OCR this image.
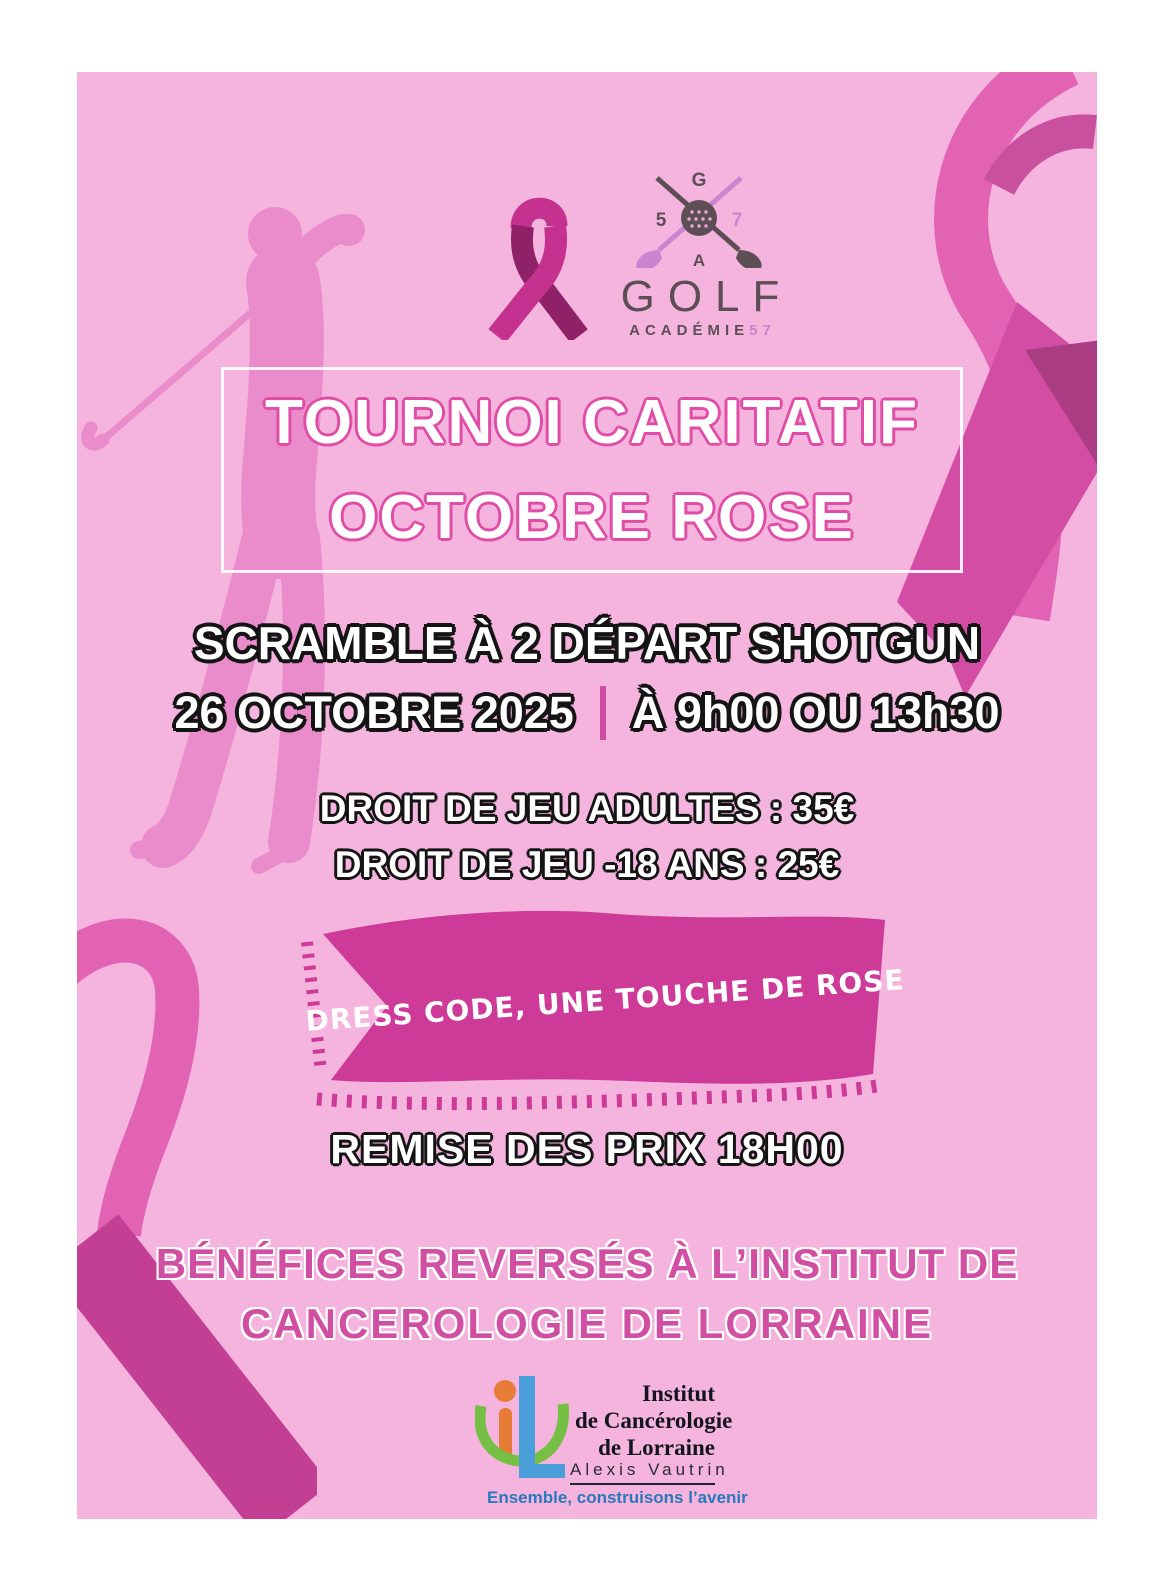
G
5	7
A
GOLF
ACADÉMIE57
TOURNOI CARITATIF
OCTOBRE ROSE
SCRAMBLE À 2 DÉPART SHOTGUN
26 OCTOBRE 2025 À 9h00 OU 13h30
DROIT DE JEU ADULTES : 35€
DROIT DE JEU -18 ANS : 25€
DRESS CODE, UNE TOUCHE DE ROSE
REMISE DES PRIX 18H00
BÉNÉFICES REVERSÉS À L’INSTITUT DE
CANCEROLOGIE DE LORRAINE
Institut
de Cancérologie
de Lorraine
Alexis Vautrin
Ensemble, construisons l’avenir
